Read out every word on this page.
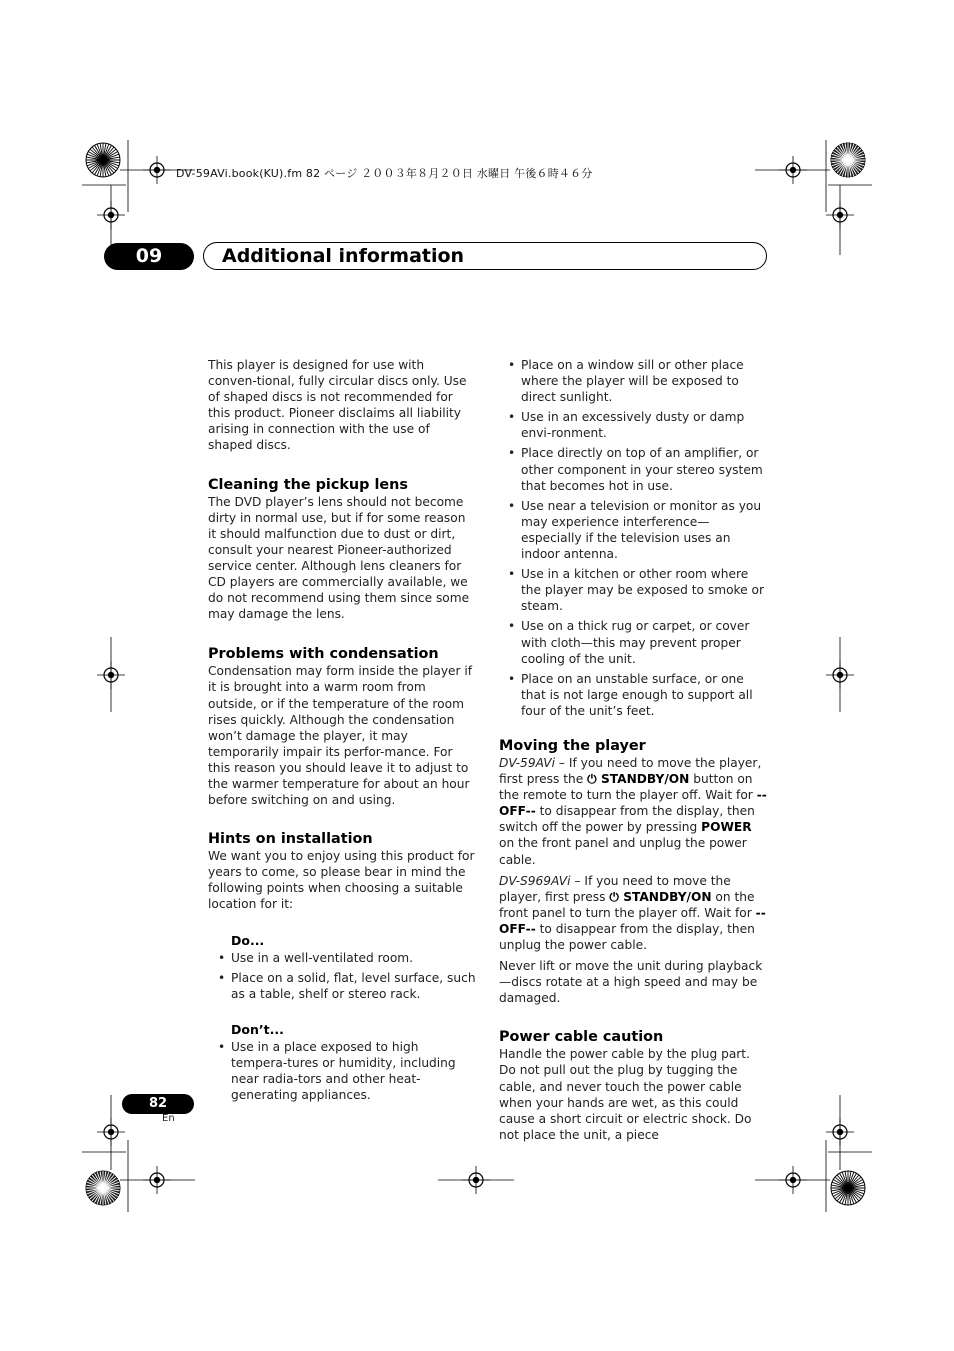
DV-59AVi.book(KU).fm 82 ページ ２００３年８月２０日 水曜日 午後６時４６分
09	Additional information

This player is designed for use with conven-tional, fully circular discs only. Use of shaped discs is not recommended for this product. Pioneer disclaims all liability arising in connection with the use of shaped discs.

Cleaning the pickup lens

The DVD player’s lens should not become dirty in normal use, but if for some reason it should malfunction due to dust or dirt, consult your nearest Pioneer-authorized service center. Although lens cleaners for CD players are commercially available, we do not recommend using them since some may damage the lens.

Problems with condensation

Condensation may form inside the player if it is brought into a warm room from outside, or if the temperature of the room rises quickly. Although the condensation won’t damage the player, it may temporarily impair its perfor-mance. For this reason you should leave it to adjust to the warmer temperature for about an hour before switching on and using.

Hints on installation

We want you to enjoy using this product for years to come, so please bear in mind the following points when choosing a suitable location for it:

Do...
• Use in a well-ventilated room.
• Place on a solid, flat, level surface, such as a table, shelf or stereo rack.
Don’t...
• Use in a place exposed to high tempera-tures or humidity, including near radia-tors and other heat-generating appliances.
• Place on a window sill or other place where the player will be exposed to direct sunlight.
• Use in an excessively dusty or damp envi-ronment.
• Place directly on top of an amplifier, or other component in your stereo system that becomes hot in use.
• Use near a television or monitor as you may experience interference—especially if the television uses an indoor antenna.
• Use in a kitchen or other room where the player may be exposed to smoke or steam.
• Use on a thick rug or carpet, or cover with cloth—this may prevent proper cooling of the unit.
• Place on an unstable surface, or one that is not large enough to support all four of the unit’s feet.
Moving the player

DV-59AVi – If you need to move the player, first press the ⏻ STANDBY/ON button on the remote to turn the player off. Wait for --OFF-- to disappear from the display, then switch off the power by pressing POWER on the front panel and unplug the power cable.

DV-S969AVi – If you need to move the player, first press ⏻ STANDBY/ON on the front panel to turn the player off. Wait for --OFF-- to disappear from the display, then unplug the power cable.

Never lift or move the unit during playback—discs rotate at a high speed and may be damaged.

Power cable caution

Handle the power cable by the plug part. Do not pull out the plug by tugging the cable, and never touch the power cable when your hands are wet, as this could cause a short circuit or electric shock. Do not place the unit, a piece

82
En
